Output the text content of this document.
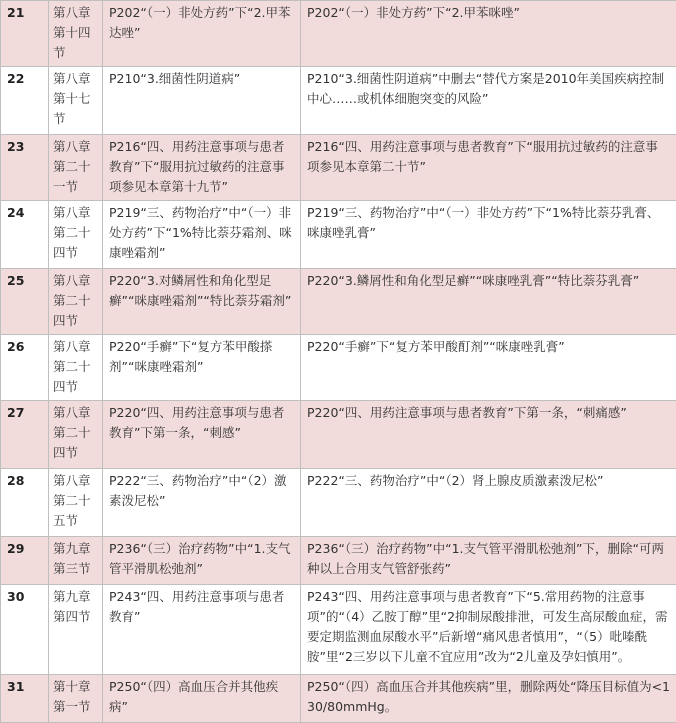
21	第八章第十四节	P202“（一）非处方药”下“2.甲苯达唑”	P202“（一）非处方药”下“2.甲苯咪唑”
22	第八章第十七节	P210“3.细菌性阴道病”	P210“3.细菌性阴道病”中删去“替代方案是2010年美国疾病控制中心……或机体细胞突变的风险”
23	第八章第二十一节	P216“四、用药注意事项与患者教育”下“服用抗过敏药的注意事项参见本章第十九节”	P216“四、用药注意事项与患者教育”下“服用抗过敏药的注意事项参见本章第二十节”
24	第八章第二十四节	P219“三、药物治疗”中“（一）非处方药”下“1%特比萘芬霜剂、咪康唑霜剂”	P219“三、药物治疗”中“（一）非处方药”下“1%特比萘芬乳膏、咪康唑乳膏”
25	第八章第二十四节	P220“3.对鳞屑性和角化型足癣”“咪康唑霜剂”“特比萘芬霜剂”	P220“3.鳞屑性和角化型足癣”“咪康唑乳膏”“特比萘芬乳膏”
26	第八章第二十四节	P220“手癣”下“复方苯甲酸搽剂”“咪康唑霜剂”	P220“手癣”下“复方苯甲酸酊剂”“咪康唑乳膏”
27	第八章第二十四节	P220“四、用药注意事项与患者教育”下第一条，“刺感”	P220“四、用药注意事项与患者教育”下第一条，“刺痛感”
28	第八章第二十五节	P222“三、药物治疗”中“（2）激素泼尼松”	P222“三、药物治疗”中“（2）肾上腺皮质激素泼尼松”
29	第九章第三节	P236“（三）治疗药物”中“1.支气管平滑肌松弛剂”	P236“（三）治疗药物”中“1.支气管平滑肌松弛剂”下，删除“可两种以上合用支气管舒张药”
30	第九章第四节	P243“四、用药注意事项与患者教育”	P243“四、用药注意事项与患者教育”下“5.常用药物的注意事项”的“（4）乙胺丁醇”里“2抑制尿酸排泄，可发生高尿酸血症，需要定期监测血尿酸水平”后新增“痛风患者慎用”，“（5）吡嗪酰胺”里“2三岁以下儿童不宜应用”改为“2儿童及孕妇慎用”。
31	第十章第一节	P250“（四）高血压合并其他疾病”	P250“（四）高血压合并其他疾病”里，删除两处“降压目标值为<130/80mmHg。
